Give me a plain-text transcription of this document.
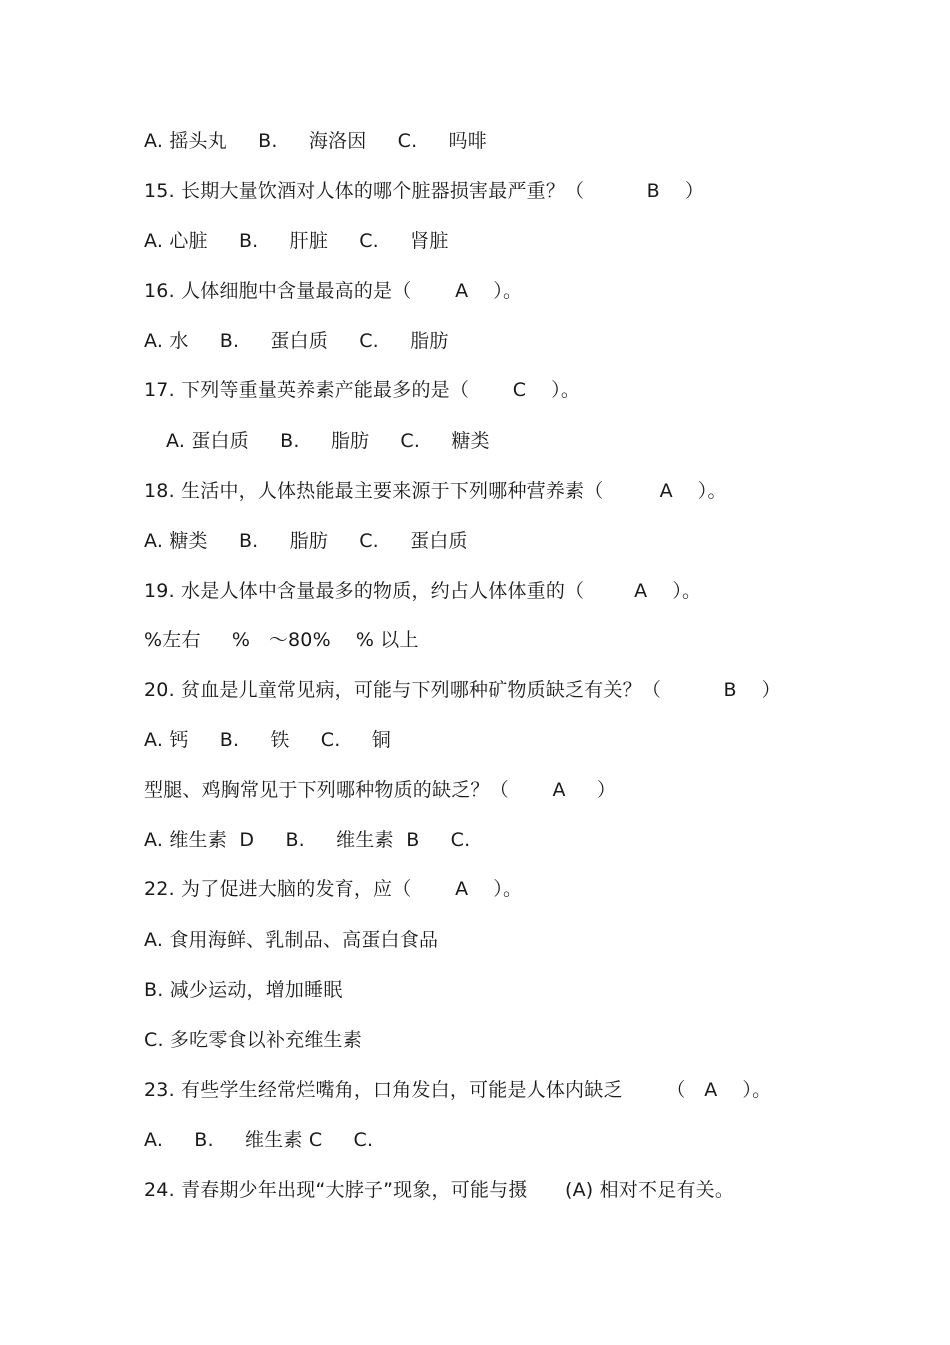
A. 摇头丸     B.     海洛因     C.     吗啡
15. 长期大量饮酒对人体的哪个脏器损害最严重？（          B    ）
A. 心脏     B.     肝脏     C.     肾脏
16. 人体细胞中含量最高的是（       A    ）。
A. 水     B.     蛋白质     C.     脂肪
17. 下列等重量英养素产能最多的是（       C    ）。
A. 蛋白质     B.     脂肪     C.     糖类
18. 生活中，人体热能最主要来源于下列哪种营养素（         A    ）。
A. 糖类     B.     脂肪     C.     蛋白质
19. 水是人体中含量最多的物质，约占人体体重的（        A    ）。
%左右     %   ～80%    % 以上
20. 贫血是儿童常见病，可能与下列哪种矿物质缺乏有关？（          B    ）
A. 钙     B.     铁     C.     铜
型腿、鸡胸常见于下列哪种物质的缺乏？（       A     ）
A. 维生素  D     B.     维生素  B     C.
22. 为了促进大脑的发育，应（       A    ）。
A. 食用海鲜、乳制品、高蛋白食品
B. 减少运动，增加睡眠
C. 多吃零食以补充维生素
23. 有些学生经常烂嘴角，口角发白，可能是人体内缺乏       （   A    ）。
A.     B.     维生素 C     C.
24. 青春期少年出现“大脖子”现象，可能与摄      (A) 相对不足有关。
